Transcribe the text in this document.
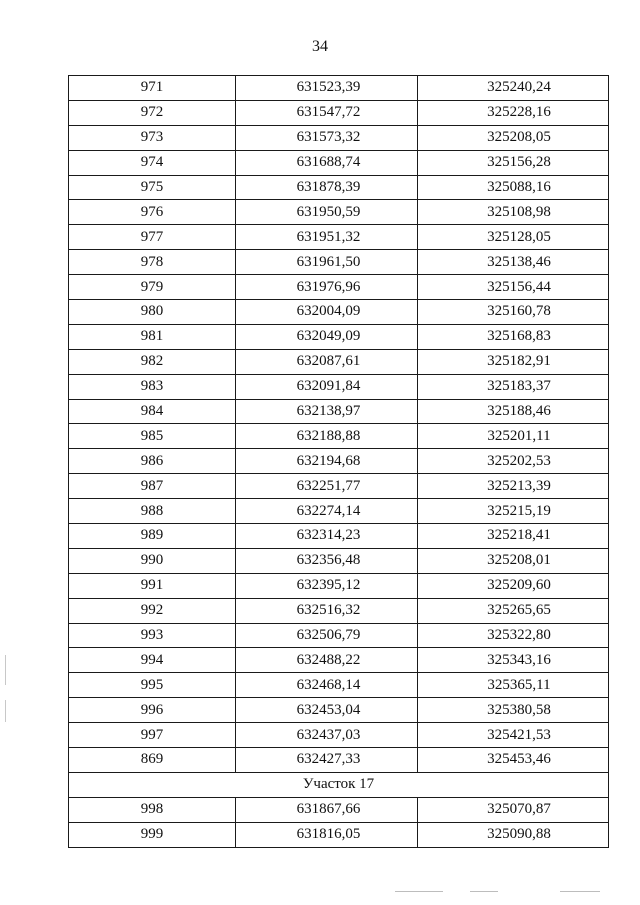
34
971	631523,39	325240,24
972	631547,72	325228,16
973	631573,32	325208,05
974	631688,74	325156,28
975	631878,39	325088,16
976	631950,59	325108,98
977	631951,32	325128,05
978	631961,50	325138,46
979	631976,96	325156,44
980	632004,09	325160,78
981	632049,09	325168,83
982	632087,61	325182,91
983	632091,84	325183,37
984	632138,97	325188,46
985	632188,88	325201,11
986	632194,68	325202,53
987	632251,77	325213,39
988	632274,14	325215,19
989	632314,23	325218,41
990	632356,48	325208,01
991	632395,12	325209,60
992	632516,32	325265,65
993	632506,79	325322,80
994	632488,22	325343,16
995	632468,14	325365,11
996	632453,04	325380,58
997	632437,03	325421,53
869	632427,33	325453,46
Участок 17		
998	631867,66	325070,87
999	631816,05	325090,88
